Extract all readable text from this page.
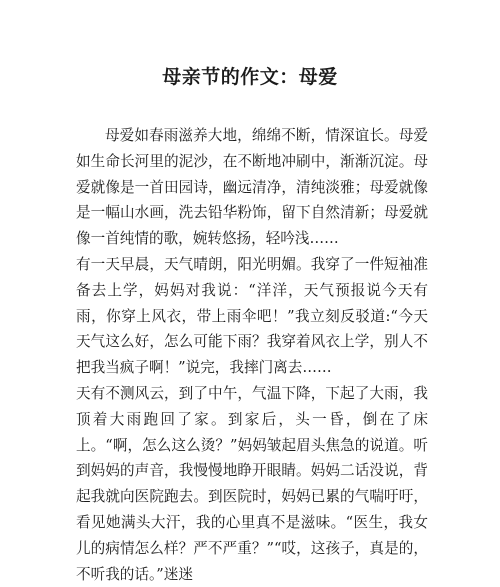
母亲节的作文：母爱

母爱如春雨滋养大地，绵绵不断，情深谊长。母爱如生命长河里的泥沙，在不断地冲刷中，渐渐沉淀。母爱就像是一首田园诗，幽远清净，清纯淡雅；母爱就像是一幅山水画，洗去铅华粉饰，留下自然清新；母爱就像一首纯情的歌，婉转悠扬，轻吟浅……

有一天早晨，天气晴朗，阳光明媚。我穿了一件短袖准备去上学，妈妈对我说：“洋洋，天气预报说今天有雨，你穿上风衣，带上雨伞吧！”我立刻反驳道:“今天天气这么好，怎么可能下雨？我穿着风衣上学，别人不把我当疯子啊！”说完，我摔门离去……

天有不测风云，到了中午，气温下降，下起了大雨，我顶着大雨跑回了家。到家后，头一昏，倒在了床上。“啊，怎么这么烫？”妈妈皱起眉头焦急的说道。听到妈妈的声音，我慢慢地睁开眼睛。妈妈二话没说，背起我就向医院跑去。到医院时，妈妈已累的气喘吁吁，看见她满头大汗，我的心里真不是滋味。“医生，我女儿的病情怎么样？严不严重？”“哎，这孩子，真是的，不听我的话。”迷迷
